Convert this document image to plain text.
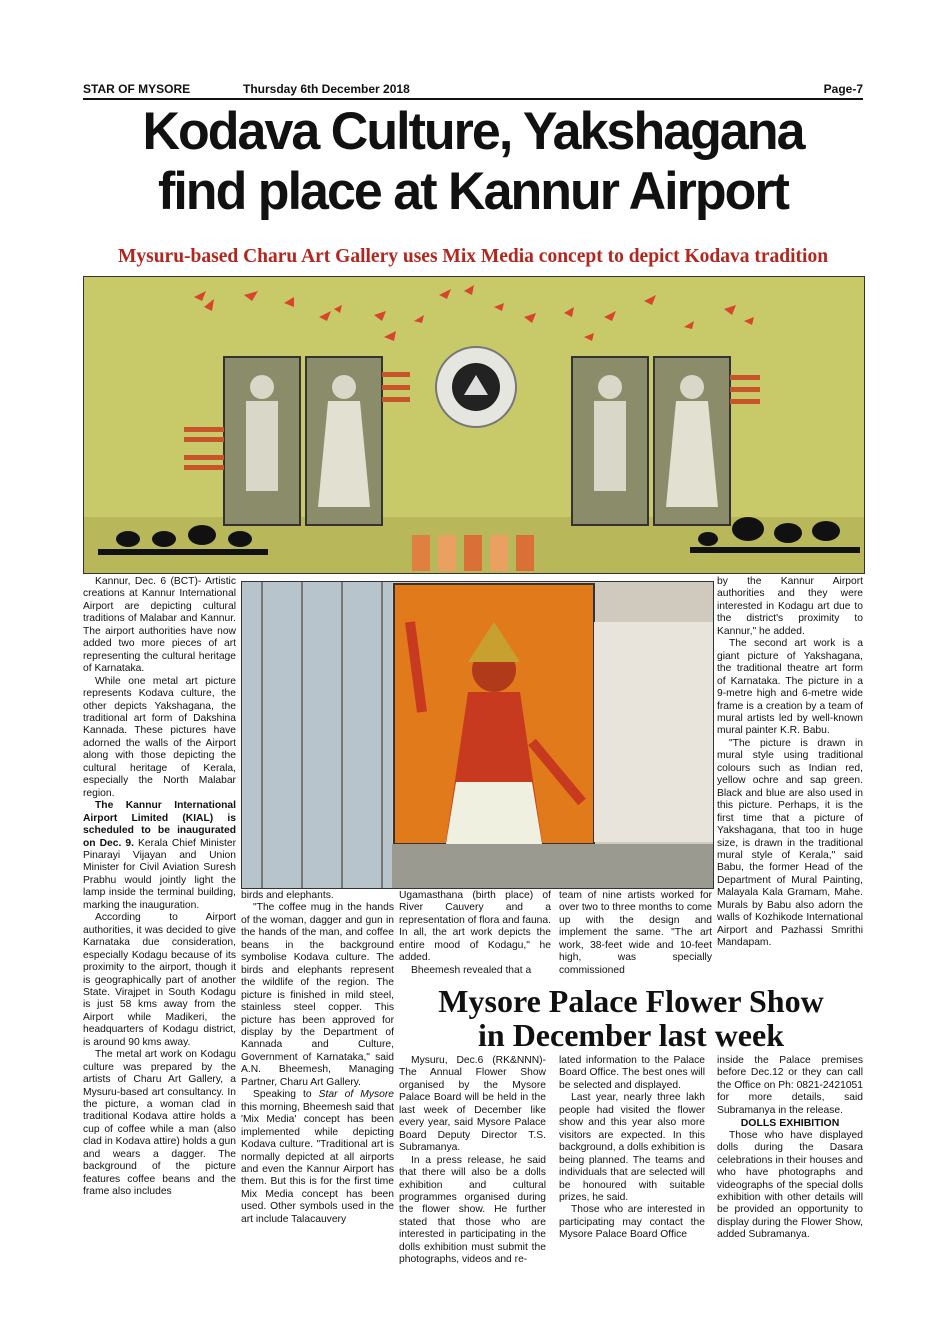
STAR OF MYSORE	Thursday 6th December 2018	Page-7
Kodava Culture, Yakshagana
find place at Kannur Airport
Mysuru-based Charu Art Gallery uses Mix Media concept to depict Kodava tradition

Kannur, Dec. 6 (BCT)- Artistic creations at Kannur International Airport are depicting cultural traditions of Malabar and Kannur. The airport authorities have now added two more pieces of art representing the cultural heritage of Karnataka.

While one metal art picture represents Kodava culture, the other depicts Yakshagana, the traditional art form of Dakshina Kannada. These pictures have adorned the walls of the Airport along with those depicting the cultural heritage of Kerala, especially the North Malabar region.

The Kannur International Airport Limited (KIAL) is scheduled to be inaugurated on Dec. 9. Kerala Chief Minister Pinarayi Vijayan and Union Minister for Civil Aviation Suresh Prabhu would jointly light the lamp inside the terminal building, marking the inauguration.

According to Airport authorities, it was decided to give Karnataka due consideration, especially Kodagu because of its proximity to the airport, though it is geographically part of another State. Virajpet in South Kodagu is just 58 kms away from the Airport while Madikeri, the headquarters of Kodagu district, is around 90 kms away.

The metal art work on Kodagu culture was prepared by the artists of Charu Art Gallery, a Mysuru-based art consultancy. In the picture, a woman clad in traditional Kodava attire holds a cup of coffee while a man (also clad in Kodava attire) holds a gun and wears a dagger. The background of the picture features coffee beans and the frame also includes

birds and elephants.

"The coffee mug in the hands of the woman, dagger and gun in the hands of the man, and coffee beans in the background symbolise Kodava culture. The birds and elephants represent the wildlife of the region. The picture is finished in mild steel, stainless steel copper. This picture has been approved for display by the Department of Kannada and Culture, Government of Karnataka," said A.N. Bheemesh, Managing Partner, Charu Art Gallery.

Speaking to Star of Mysore this morning, Bheemesh said that 'Mix Media' concept has been implemented while depicting Kodava culture. "Traditional art is normally depicted at all airports and even the Kannur Airport has them. But this is for the first time Mix Media concept has been used. Other symbols used in the art include Talacauvery

Ugamasthana (birth place) of River Cauvery and a representation of flora and fauna. In all, the art work depicts the entire mood of Kodagu," he added.

Bheemesh revealed that a

team of nine artists worked for over two to three months to come up with the design and implement the same. "The art work, 38-feet wide and 10-feet high, was specially commissioned

by the Kannur Airport authorities and they were interested in Kodagu art due to the district's proximity to Kannur," he added.

The second art work is a giant picture of Yakshagana, the traditional theatre art form of Karnataka. The picture in a 9-metre high and 6-metre wide frame is a creation by a team of mural artists led by well-known mural painter K.R. Babu.

"The picture is drawn in mural style using traditional colours such as Indian red, yellow ochre and sap green. Black and blue are also used in this picture. Perhaps, it is the first time that a picture of Yakshagana, that too in huge size, is drawn in the traditional mural style of Kerala," said Babu, the former Head of the Department of Mural Painting, Malayala Kala Gramam, Mahe. Murals by Babu also adorn the walls of Kozhikode International Airport and Pazhassi Smrithi Mandapam.

Mysore Palace Flower Show
in December last week

Mysuru, Dec.6 (RK&NNN)- The Annual Flower Show organised by the Mysore Palace Board will be held in the last week of December like every year, said Mysore Palace Board Deputy Director T.S. Subramanya.

In a press release, he said that there will also be a dolls exhibition and cultural programmes organised during the flower show. He further stated that those who are interested in participating in the dolls exhibition must submit the photographs, videos and re-

lated information to the Palace Board Office. The best ones will be selected and displayed.

Last year, nearly three lakh people had visited the flower show and this year also more visitors are expected. In this background, a dolls exhibition is being planned. The teams and individuals that are selected will be honoured with suitable prizes, he said.

Those who are interested in participating may contact the Mysore Palace Board Office

inside the Palace premises before Dec.12 or they can call the Office on Ph: 0821-2421051 for more details, said Subramanya in the release.

DOLLS EXHIBITION

Those who have displayed dolls during the Dasara celebrations in their houses and who have photographs and videographs of the special dolls exhibition with other details will be provided an opportunity to display during the Flower Show, added Subramanya.
